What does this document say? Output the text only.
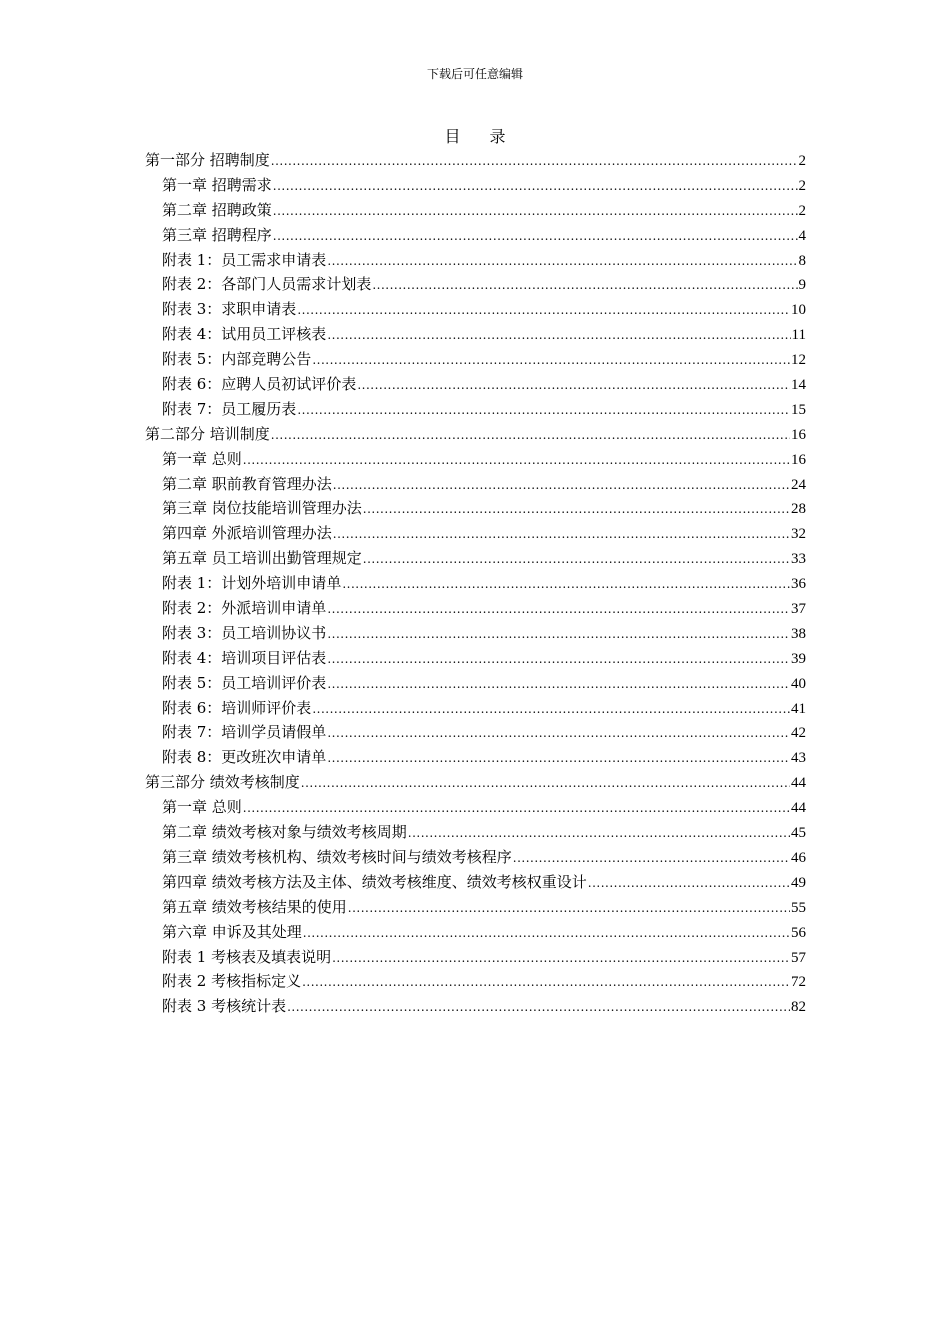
下载后可任意编辑
目 录
第一部分 招聘制度 .....	2
第一章 招聘需求 .....	2
第二章 招聘政策 .....	2
第三章 招聘程序 .....	4
附表 1：员工需求申请表 .....	8
附表 2：各部门人员需求计划表 .....	9
附表 3：求职申请表 .....	10
附表 4：试用员工评核表 .....	11
附表 5：内部竞聘公告 .....	12
附表 6：应聘人员初试评价表 .....	14
附表 7：员工履历表 .....	15
第二部分 培训制度 .....	16
第一章 总则 .....	16
第二章 职前教育管理办法 .....	24
第三章 岗位技能培训管理办法 .....	28
第四章 外派培训管理办法 .....	32
第五章 员工培训出勤管理规定 .....	33
附表 1：计划外培训申请单 .....	36
附表 2：外派培训申请单 .....	37
附表 3：员工培训协议书 .....	38
附表 4：培训项目评估表 .....	39
附表 5：员工培训评价表 .....	40
附表 6：培训师评价表 .....	41
附表 7：培训学员请假单 .....	42
附表 8：更改班次申请单 .....	43
第三部分 绩效考核制度 .....	44
第一章 总则 .....	44
第二章 绩效考核对象与绩效考核周期 .....	45
第三章 绩效考核机构、绩效考核时间与绩效考核程序 .....	46
第四章 绩效考核方法及主体、绩效考核维度、绩效考核权重设计 .....	49
第五章 绩效考核结果的使用 .....	55
第六章 申诉及其处理 .....	56
附表 1 考核表及填表说明 .....	57
附表 2 考核指标定义 .....	72
附表 3 考核统计表 .....	82
